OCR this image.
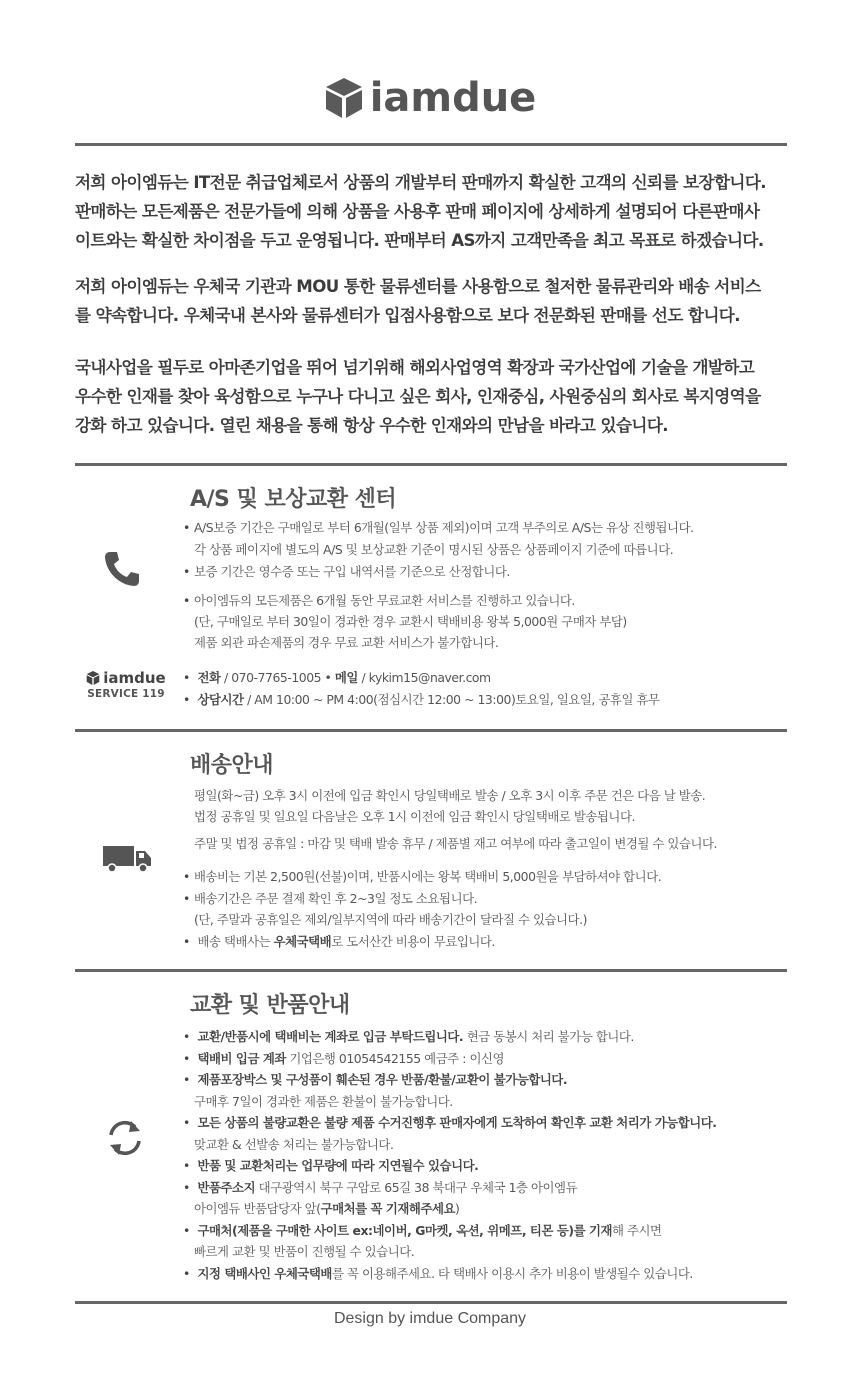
iamdue

저희 아이엠듀는 IT전문 취급업체로서 상품의 개발부터 판매까지 확실한 고객의 신뢰를 보장합니다.

판매하는 모든제품은 전문가들에 의해 상품을 사용후 판매 페이지에 상세하게 설명되어 다른판매사

이트와는 확실한 차이점을 두고 운영됩니다. 판매부터 AS까지 고객만족을 최고 목표로 하겠습니다.

저희 아이엠듀는 우체국 기관과 MOU 통한 물류센터를 사용함으로 철저한 물류관리와 배송 서비스

를 약속합니다. 우체국내 본사와 물류센터가 입점사용함으로 보다 전문화된 판매를 선도 합니다.

국내사업을 필두로 아마존기업을 뛰어 넘기위해 해외사업영역 확장과 국가산업에 기술을 개발하고

우수한 인재를 찾아 육성함으로 누구나 다니고 싶은 회사, 인재중심, 사원중심의 회사로 복지영역을

강화 하고 있습니다. 열린 채용을 통해 항상 우수한 인재와의 만남을 바라고 있습니다.

A/S 및 보상교환 센터
• A/S보증 기간은 구매일로 부터 6개월(일부 상품 제외)이며 고객 부주의로 A/S는 유상 진행됩니다.
각 상품 페이지에 별도의 A/S 및 보상교환 기준이 명시된 상품은 상품페이지 기준에 따릅니다.
• 보증 기간은 영수증 또는 구입 내역서를 기준으로 산정합니다.
• 아이엠듀의 모든제품은 6개월 동안 무료교환 서비스를 진행하고 있습니다.
(단, 구매일로 부터 30일이 경과한 경우 교환시 택배비용 왕복 5,000원 구매자 부담)
제품 외관 파손제품의 경우 무료 교환 서비스가 불가합니다.
iamdue
SERVICE 119
• 전화 / 070-7765-1005 • 메일 / kykim15@naver.com
• 상담시간 / AM 10:00 ~ PM 4:00(점심시간 12:00 ~ 13:00)토요일, 일요일, 공휴일 휴무
배송안내
평일(화~금) 오후 3시 이전에 입금 확인시 당일택배로 발송 / 오후 3시 이후 주문 건은 다음 날 발송.
법정 공휴일 및 일요일 다음날은 오후 1시 이전에 임금 확인시 당일택배로 발송됩니다.
주말 및 법정 공휴일 : 마감 및 택배 발송 휴무 / 제품별 재고 여부에 따라 출고일이 변경될 수 있습니다.
• 배송비는 기본 2,500원(선불)이며, 반품시에는 왕복 택배비 5,000원을 부담하셔야 합니다.
• 배송기간은 주문 결제 확인 후 2~3일 정도 소요됩니다.
(단, 주말과 공휴일은 제외/일부지역에 따라 배송기간이 달라질 수 있습니다.)
• 배송 택배사는 우체국택배로 도서산간 비용이 무료입니다.
교환 및 반품안내
• 교환/반품시에 택배비는 계좌로 입금 부탁드립니다. 현금 동봉시 처리 불가능 합니다.
• 택배비 입금 계좌 기업은행 01054542155 예금주 : 이신영
• 제품포장박스 및 구성품이 훼손된 경우 반품/환불/교환이 불가능합니다.
구매후 7일이 경과한 제품은 환불이 불가능합니다.
• 모든 상품의 불량교환은 불량 제품 수거진행후 판매자에게 도착하여 확인후 교환 처리가 가능합니다.
맞교환 & 선발송 처리는 불가능합니다.
• 반품 및 교환처리는 업무량에 따라 지연될수 있습니다.
• 반품주소지 대구광역시 북구 구암로 65길 38 북대구 우체국 1층 아이엠듀
아이엠듀 반품담당자 앞(구매처를 꼭 기재해주세요)
• 구매처(제품을 구매한 사이트 ex:네이버, G마켓, 옥션, 위메프, 티몬 등)를 기재해 주시면
빠르게 교환 및 반품이 진행될 수 있습니다.
• 지정 택배사인 우체국택배를 꼭 이용해주세요. 타 택배사 이용시 추가 비용이 발생될수 있습니다.
Design by imdue Company
